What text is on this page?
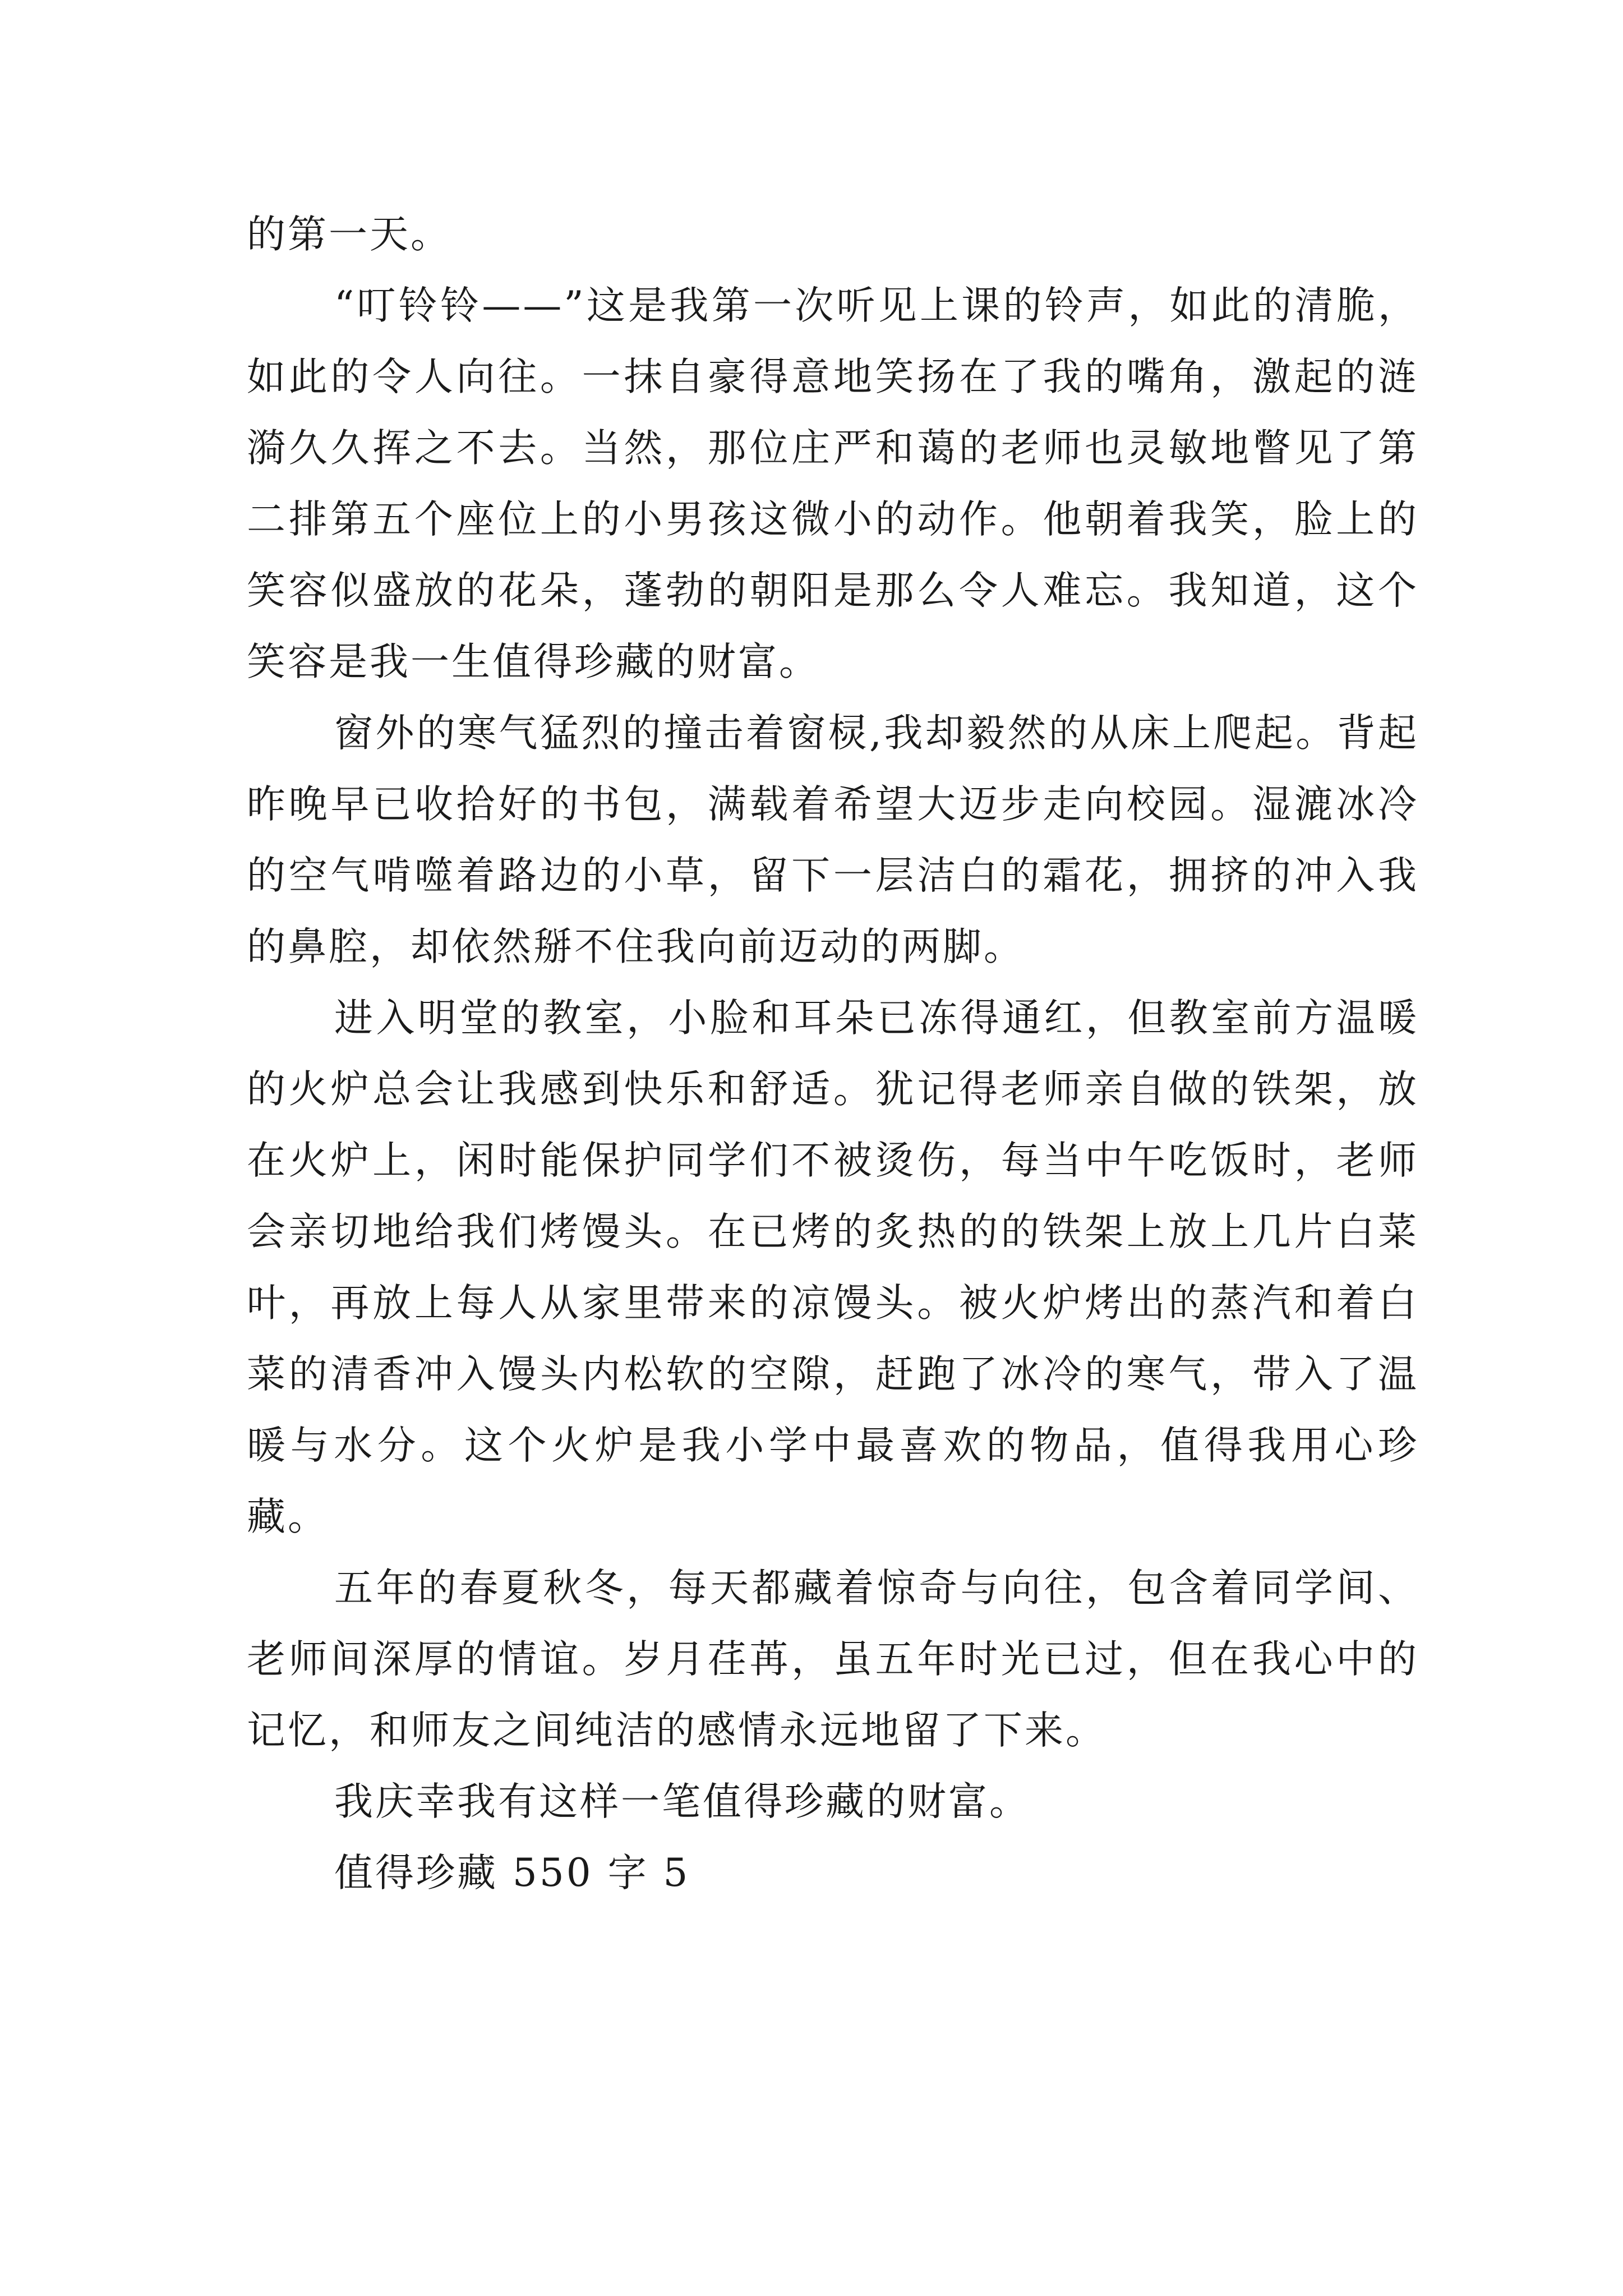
的第一天。

“叮铃铃——”这是我第一次听见上课的铃声，如此的清脆，如此的令人向往。一抹自豪得意地笑扬在了我的嘴角，激起的涟漪久久挥之不去。当然，那位庄严和蔼的老师也灵敏地瞥见了第二排第五个座位上的小男孩这微小的动作。他朝着我笑，脸上的笑容似盛放的花朵，蓬勃的朝阳是那么令人难忘。我知道，这个笑容是我一生值得珍藏的财富。

窗外的寒气猛烈的撞击着窗棂,我却毅然的从床上爬起。背起昨晚早已收拾好的书包，满载着希望大迈步走向校园。湿漉冰冷的空气啃噬着路边的小草，留下一层洁白的霜花，拥挤的冲入我的鼻腔，却依然掰不住我向前迈动的两脚。

进入明堂的教室，小脸和耳朵已冻得通红，但教室前方温暖的火炉总会让我感到快乐和舒适。犹记得老师亲自做的铁架，放在火炉上，闲时能保护同学们不被烫伤，每当中午吃饭时，老师会亲切地给我们烤馒头。在已烤的炙热的的铁架上放上几片白菜叶，再放上每人从家里带来的凉馒头。被火炉烤出的蒸汽和着白菜的清香冲入馒头内松软的空隙，赶跑了冰冷的寒气，带入了温暖与水分。这个火炉是我小学中最喜欢的物品，值得我用心珍藏。

五年的春夏秋冬，每天都藏着惊奇与向往，包含着同学间、老师间深厚的情谊。岁月荏苒，虽五年时光已过，但在我心中的记忆，和师友之间纯洁的感情永远地留了下来。

我庆幸我有这样一笔值得珍藏的财富。

值得珍藏 550 字 5
